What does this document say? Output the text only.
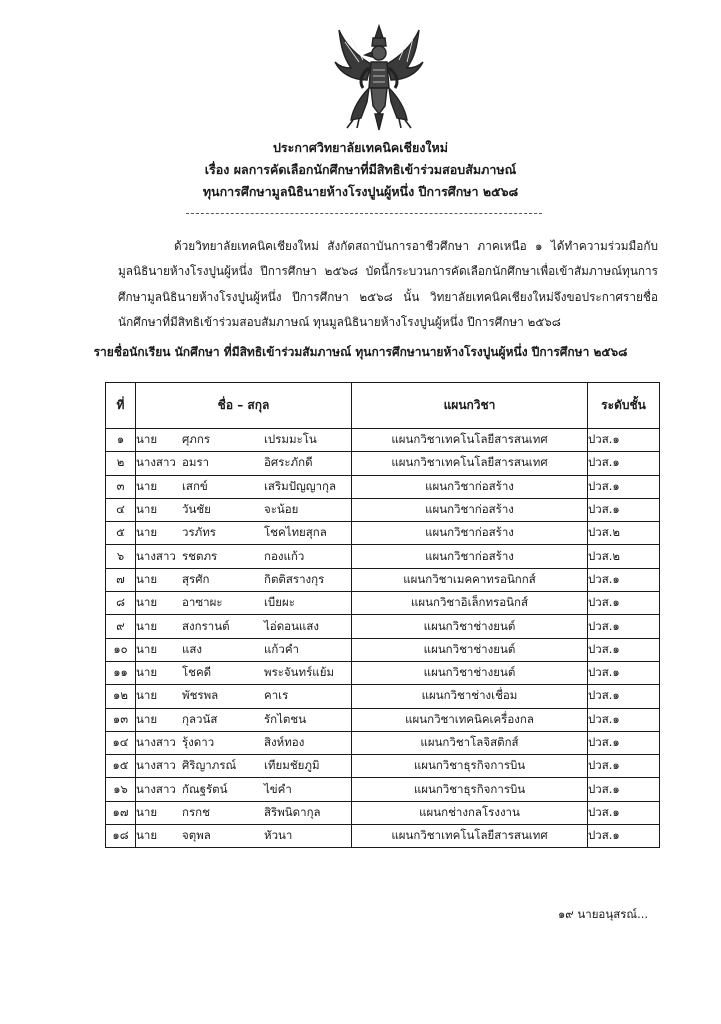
ประกาศวิทยาลัยเทคนิคเชียงใหม่
เรื่อง ผลการคัดเลือกนักศึกษาที่มีสิทธิเข้าร่วมสอบสัมภาษณ์
ทุนการศึกษามูลนิธินายห้างโรงปูนผู้หนึ่ง ปีการศึกษา ๒๕๖๘
ด้วยวิทยาลัยเทคนิคเชียงใหม่ สังกัดสถาบันการอาชีวศึกษา ภาคเหนือ ๑ ได้ทำความร่วมมือกับมูลนิธินายห้างโรงปูนผู้หนึ่ง ปีการศึกษา ๒๕๖๘ บัดนี้กระบวนการคัดเลือกนักศึกษาเพื่อเข้าสัมภาษณ์ทุนการศึกษามูลนิธินายห้างโรงปูนผู้หนึ่ง ปีการศึกษา ๒๕๖๘ นั้น วิทยาลัยเทคนิคเชียงใหม่จึงขอประกาศรายชื่อนักศึกษาที่มีสิทธิเข้าร่วมสอบสัมภาษณ์ ทุนมูลนิธินายห้างโรงปูนผู้หนึ่ง ปีการศึกษา ๒๕๖๘
รายชื่อนักเรียน นักศึกษา ที่มีสิทธิเข้าร่วมสัมภาษณ์ ทุนการศึกษานายห้างโรงปูนผู้หนึ่ง ปีการศึกษา ๒๕๖๘
ที่	ชื่อ – สกุล	แผนกวิชา	ระดับชั้น
๑	นาย ศุภกร เปรมมะโน	แผนกวิชาเทคโนโลยีสารสนเทศ	ปวส.๑
๒	นางสาว อมรา อิศระภักดี	แผนกวิชาเทคโนโลยีสารสนเทศ	ปวส.๑
๓	นาย เสกข์ เสริมปัญญากุล	แผนกวิชาก่อสร้าง	ปวส.๑
๔	นาย วันชัย จะน้อย	แผนกวิชาก่อสร้าง	ปวส.๑
๕	นาย วรภัทร โชคไทยสุกล	แผนกวิชาก่อสร้าง	ปวส.๒
๖	นางสาว รชตภร กองแก้ว	แผนกวิชาก่อสร้าง	ปวส.๒
๗	นาย สุรศัก กิตติสรางกุร	แผนกวิชาเมคคาทรอนิกกส์	ปวส.๑
๘	นาย อาซาผะ เบียผะ	แผนกวิชาอิเล็กทรอนิกส์	ปวส.๑
๙	นาย สงกรานต์ ไอ่ดอนแสง	แผนกวิชาช่างยนต์	ปวส.๑
๑๐	นาย แสง แก้วคำ	แผนกวิชาช่างยนต์	ปวส.๑
๑๑	นาย โชคดี พระจันทร์แย้ม	แผนกวิชาช่างยนต์	ปวส.๑
๑๒	นาย พัชรพล คาเร	แผนกวิชาช่างเชื่อม	ปวส.๑
๑๓	นาย กุลวนัส รักไตชน	แผนกวิชาเทคนิคเครื่องกล	ปวส.๑
๑๔	นางสาว รุ้งดาว สิงห์ทอง	แผนกวิชาโลจิสติกส์	ปวส.๑
๑๕	นางสาว ศิริญาภรณ์ เทียมชัยภูมิ	แผนกวิชาธุรกิจการบิน	ปวส.๑
๑๖	นางสาว กัณฐรัตน์ ไข่คำ	แผนกวิชาธุรกิจการบิน	ปวส.๑
๑๗	นาย กรกช สิริพนิดากุล	แผนกช่างกลโรงงาน	ปวส.๑
๑๘	นาย จตุพล หัวนา	แผนกวิชาเทคโนโลยีสารสนเทศ	ปวส.๑
๑๙ นายอนุสรณ์...
